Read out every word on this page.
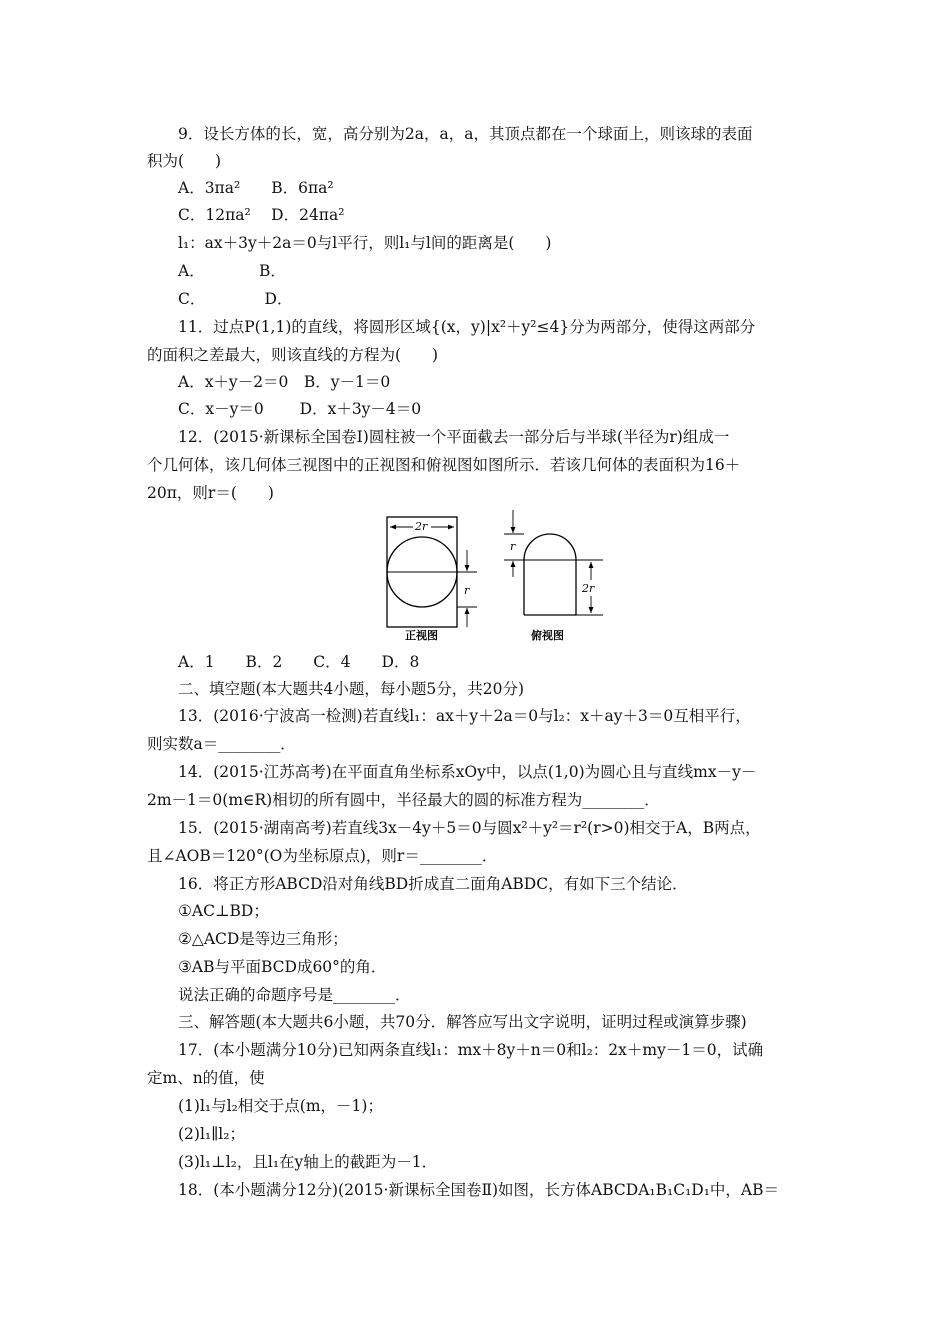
9．设长方体的长，宽，高分别为2a，a，a，其顶点都在一个球面上，则该球的表面
积为(　　)
A．3πa²　　B．6πa²
C．12πa²　 D．24πa²
l₁：ax＋3y＋2a＝0与l平行，则l₁与l间的距离是(　　)
A．　　　　B．
C．　　　　 D．
11．过点P(1,1)的直线，将圆形区域{(x，y)|x²＋y²≤4}分为两部分，使得这两部分
的面积之差最大，则该直线的方程为(　　)
A．x＋y－2＝0　B．y－1＝0
C．x－y＝0　　 D．x＋3y－4＝0
12．(2015·新课标全国卷Ⅰ)圆柱被一个平面截去一部分后与半球(半径为r)组成一
个几何体，该几何体三视图中的正视图和俯视图如图所示．若该几何体的表面积为16＋
20π，则r＝(　　)
2r
r
r
2r
正视图	俯视图
A．1　　B．2　　C．4　　D．8
二、填空题(本大题共4小题，每小题5分，共20分)
13．(2016·宁波高一检测)若直线l₁：ax＋y＋2a＝0与l₂：x＋ay＋3＝0互相平行，
则实数a＝________．
14．(2015·江苏高考)在平面直角坐标系xOy中，以点(1,0)为圆心且与直线mx－y－
2m－1＝0(m∈R)相切的所有圆中，半径最大的圆的标准方程为________．
15．(2015·湖南高考)若直线3x－4y＋5＝0与圆x²＋y²＝r²(r>0)相交于A，B两点，
且∠AOB＝120°(O为坐标原点)，则r＝________．
16．将正方形ABCD沿对角线BD折成直二面角ABDC，有如下三个结论．
①AC⊥BD；
②△ACD是等边三角形；
③AB与平面BCD成60°的角．
说法正确的命题序号是________．
三、解答题(本大题共6小题，共70分．解答应写出文字说明，证明过程或演算步骤)
17．(本小题满分10分)已知两条直线l₁：mx＋8y＋n＝0和l₂：2x＋my－1＝0，试确
定m、n的值，使
(1)l₁与l₂相交于点(m，－1)；
(2)l₁∥l₂；
(3)l₁⊥l₂，且l₁在y轴上的截距为－1．
18．(本小题满分12分)(2015·新课标全国卷Ⅱ)如图，长方体ABCDA₁B₁C₁D₁中，AB＝
